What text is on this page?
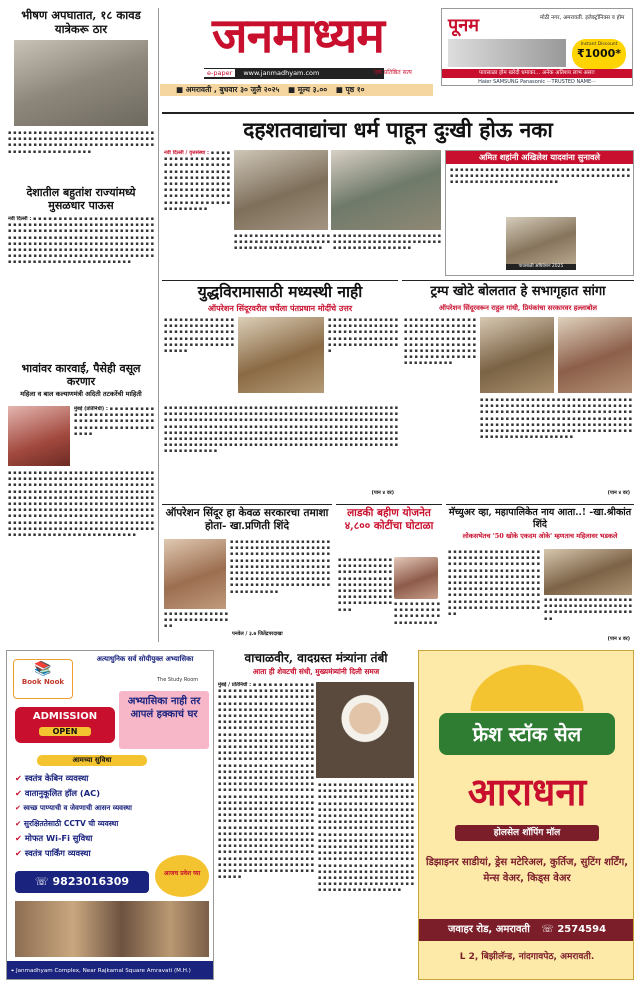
भीषण अपघातात, १८ कावड यात्रेकरू ठार	जनमाध्यम
e-paper www.janmadhyam.com	एक प्रतिष्ठित सत्य
पूनम	मोठी नगर, अमरावती. इलेक्ट्रॉनिक्स व होम
Instant Discount
₹1000*
पावसाळा होम खरेदी धमाका... अनेक अतिशय लाभ असा!
Haier SAMSUNG Panasonic ···TRUSTED NAME···
■ अमरावती , बुधवार ३० जुलै २०२५ ■ मूल्य ३.०० ■ पृष्ठ १०
▪ ▪ ▪ ▪ ▪ ▪ ▪ ▪ ▪ ▪ ▪ ▪ ▪ ▪ ▪ ▪ ▪ ▪ ▪ ▪ ▪ ▪ ▪ ▪ ▪ ▪ ▪ ▪ ▪ ▪ ▪ ▪ ▪ ▪ ▪ ▪ ▪ ▪ ▪ ▪ ▪ ▪ ▪ ▪ ▪ ▪ ▪ ▪ ▪ ▪ ▪ ▪ ▪ ▪ ▪ ▪ ▪ ▪ ▪ ▪ ▪ ▪ ▪ ▪ ▪ ▪ ▪ ▪ ▪ ▪ ▪ ▪ ▪ ▪ ▪ ▪ ▪ ▪ ▪ ▪ ▪ ▪ ▪ ▪ ▪ ▪ ▪ ▪ ▪ ▪ ▪ ▪ ▪ ▪ ▪ ▪ ▪ ▪ ▪ ▪ ▪ ▪ ▪ ▪
देशातील बहुतांश राज्यांमध्ये मुसळधार पाऊस
नवी दिल्ली : ▪ ▪ ▪ ▪ ▪ ▪ ▪ ▪ ▪ ▪ ▪ ▪ ▪ ▪ ▪ ▪ ▪ ▪ ▪ ▪ ▪ ▪ ▪ ▪ ▪ ▪ ▪ ▪ ▪ ▪ ▪ ▪ ▪ ▪ ▪ ▪ ▪ ▪ ▪ ▪ ▪ ▪ ▪ ▪ ▪ ▪ ▪ ▪ ▪ ▪ ▪ ▪ ▪ ▪ ▪ ▪ ▪ ▪ ▪ ▪ ▪ ▪ ▪ ▪ ▪ ▪ ▪ ▪ ▪ ▪ ▪ ▪ ▪ ▪ ▪ ▪ ▪ ▪ ▪ ▪ ▪ ▪ ▪ ▪ ▪ ▪ ▪ ▪ ▪ ▪ ▪ ▪ ▪ ▪ ▪ ▪ ▪ ▪ ▪ ▪ ▪ ▪ ▪ ▪ ▪ ▪ ▪ ▪ ▪ ▪ ▪ ▪ ▪ ▪ ▪ ▪ ▪ ▪ ▪ ▪ ▪ ▪ ▪ ▪ ▪ ▪ ▪ ▪ ▪ ▪ ▪ ▪ ▪ ▪ ▪ ▪ ▪ ▪ ▪ ▪ ▪ ▪ ▪ ▪ ▪ ▪ ▪ ▪ ▪ ▪ ▪ ▪ ▪ ▪ ▪ ▪ ▪ ▪ ▪ ▪ ▪ ▪ ▪ ▪ ▪ ▪ ▪ ▪ ▪ ▪ ▪ ▪ ▪ ▪ ▪ ▪ ▪ ▪ ▪ ▪ ▪ ▪ ▪ ▪ ▪ ▪ ▪ ▪ ▪ ▪ ▪ ▪ ▪ ▪ ▪ ▪ ▪ ▪ ▪ ▪ ▪ ▪ ▪ ▪ ▪ ▪ ▪ ▪ ▪ ▪ ▪ ▪ ▪ ▪ ▪ ▪ ▪ ▪ ▪ ▪ ▪ ▪ ▪
भावांवर कारवाई, पैसेही वसूल करणार
महिला व बाल कल्याणमंत्री अदिती तटकरेंची माहिती
मुंबई (प्रतिनिधी) : ▪ ▪ ▪ ▪ ▪ ▪ ▪ ▪ ▪ ▪ ▪ ▪ ▪ ▪ ▪ ▪ ▪ ▪ ▪ ▪ ▪ ▪ ▪ ▪ ▪ ▪ ▪ ▪ ▪ ▪ ▪ ▪ ▪ ▪ ▪ ▪ ▪ ▪ ▪ ▪ ▪ ▪ ▪ ▪ ▪ ▪ ▪ ▪ ▪ ▪ ▪ ▪ ▪ ▪ ▪ ▪ ▪ ▪ ▪ ▪ ▪
▪ ▪ ▪ ▪ ▪ ▪ ▪ ▪ ▪ ▪ ▪ ▪ ▪ ▪ ▪ ▪ ▪ ▪ ▪ ▪ ▪ ▪ ▪ ▪ ▪ ▪ ▪ ▪ ▪ ▪ ▪ ▪ ▪ ▪ ▪ ▪ ▪ ▪ ▪ ▪ ▪ ▪ ▪ ▪ ▪ ▪ ▪ ▪ ▪ ▪ ▪ ▪ ▪ ▪ ▪ ▪ ▪ ▪ ▪ ▪ ▪ ▪ ▪ ▪ ▪ ▪ ▪ ▪ ▪ ▪ ▪ ▪ ▪ ▪ ▪ ▪ ▪ ▪ ▪ ▪ ▪ ▪ ▪ ▪ ▪ ▪ ▪ ▪ ▪ ▪ ▪ ▪ ▪ ▪ ▪ ▪ ▪ ▪ ▪ ▪ ▪ ▪ ▪ ▪ ▪ ▪ ▪ ▪ ▪ ▪ ▪ ▪ ▪ ▪ ▪ ▪ ▪ ▪ ▪ ▪ ▪ ▪ ▪ ▪ ▪ ▪ ▪ ▪ ▪ ▪ ▪ ▪ ▪ ▪ ▪ ▪ ▪ ▪ ▪ ▪ ▪ ▪ ▪ ▪ ▪ ▪ ▪ ▪ ▪ ▪ ▪ ▪ ▪ ▪ ▪ ▪ ▪ ▪ ▪ ▪ ▪ ▪ ▪ ▪ ▪ ▪ ▪ ▪ ▪ ▪ ▪ ▪ ▪ ▪ ▪ ▪ ▪ ▪ ▪ ▪ ▪ ▪ ▪ ▪ ▪ ▪ ▪ ▪ ▪ ▪ ▪ ▪ ▪ ▪ ▪ ▪ ▪ ▪ ▪ ▪ ▪ ▪ ▪ ▪ ▪ ▪ ▪ ▪ ▪ ▪ ▪ ▪ ▪ ▪ ▪ ▪ ▪ ▪ ▪ ▪ ▪ ▪ ▪ ▪ ▪ ▪ ▪ ▪ ▪ ▪ ▪ ▪ ▪ ▪ ▪ ▪ ▪ ▪ ▪ ▪ ▪ ▪ ▪ ▪ ▪ ▪ ▪ ▪ ▪ ▪ ▪ ▪ ▪ ▪ ▪ ▪ ▪ ▪ ▪ ▪ ▪ ▪ ▪ ▪ ▪ ▪ ▪ ▪ ▪ ▪ ▪ ▪ ▪ ▪ ▪ ▪ ▪ ▪ ▪ ▪ ▪ ▪ ▪ ▪ ▪ ▪ ▪ ▪ ▪ ▪ ▪ ▪ ▪ ▪ ▪ ▪ ▪ ▪ ▪ ▪ ▪ ▪ ▪ ▪ ▪ ▪ ▪ ▪ ▪ ▪ ▪ ▪ ▪ ▪ ▪ ▪
दहशतवाद्यांचा धर्म पाहून दुःखी होऊ नका
नवी दिल्ली / वृत्तसंस्था : ▪ ▪ ▪ ▪ ▪ ▪ ▪ ▪ ▪ ▪ ▪ ▪ ▪ ▪ ▪ ▪ ▪ ▪ ▪ ▪ ▪ ▪ ▪ ▪ ▪ ▪ ▪ ▪ ▪ ▪ ▪ ▪ ▪ ▪ ▪ ▪ ▪ ▪ ▪ ▪ ▪ ▪ ▪ ▪ ▪ ▪ ▪ ▪ ▪ ▪ ▪ ▪ ▪ ▪ ▪ ▪ ▪ ▪ ▪ ▪ ▪ ▪ ▪ ▪ ▪ ▪ ▪ ▪ ▪ ▪ ▪ ▪ ▪ ▪ ▪ ▪ ▪ ▪ ▪ ▪ ▪ ▪ ▪ ▪ ▪ ▪ ▪ ▪ ▪ ▪ ▪ ▪ ▪ ▪ ▪ ▪ ▪ ▪ ▪ ▪ ▪ ▪ ▪ ▪ ▪ ▪ ▪ ▪ ▪ ▪ ▪ ▪ ▪ ▪ ▪ ▪ ▪
▪ ▪ ▪ ▪ ▪ ▪ ▪ ▪ ▪ ▪ ▪ ▪ ▪ ▪ ▪ ▪ ▪ ▪ ▪ ▪ ▪ ▪ ▪ ▪ ▪ ▪ ▪ ▪ ▪ ▪ ▪ ▪ ▪ ▪ ▪ ▪ ▪ ▪ ▪ ▪ ▪ ▪ ▪ ▪ ▪ ▪ ▪ ▪ ▪ ▪ ▪ ▪ ▪ ▪ ▪ ▪
▪ ▪ ▪ ▪ ▪ ▪ ▪ ▪ ▪ ▪ ▪ ▪ ▪ ▪ ▪ ▪ ▪ ▪ ▪ ▪ ▪ ▪ ▪ ▪ ▪ ▪ ▪ ▪ ▪ ▪ ▪ ▪ ▪ ▪ ▪ ▪ ▪ ▪ ▪ ▪ ▪ ▪ ▪ ▪ ▪ ▪ ▪ ▪ ▪ ▪ ▪ ▪ ▪ ▪ ▪ ▪ ▪ ▪ ▪ ▪
अमित शहांनी अखिलेश यादवांना सुनावले
▪ ▪ ▪ ▪ ▪ ▪ ▪ ▪ ▪ ▪ ▪ ▪ ▪ ▪ ▪ ▪ ▪ ▪ ▪ ▪ ▪ ▪ ▪ ▪ ▪ ▪ ▪ ▪ ▪ ▪ ▪ ▪ ▪ ▪ ▪ ▪ ▪ ▪ ▪ ▪ ▪ ▪ ▪ ▪ ▪ ▪ ▪ ▪ ▪ ▪ ▪ ▪ ▪ ▪ ▪ ▪ ▪ ▪ ▪ ▪ ▪ ▪ ▪ ▪ ▪ ▪ ▪ ▪ ▪ ▪ ▪ ▪ ▪ ▪ ▪ ▪ ▪ ▪ ▪ ▪ ▪ ▪ ▪ ▪ ▪ ▪ ▪ ▪ ▪ ▪ ▪ ▪ ▪ ▪
पावसाळी अधिवेशन 2025
युद्धविरामासाठी मध्यस्थी नाही
ऑपरेशन सिंदूरवरील चर्चेला पंतप्रधान मोदींचे उत्तर
▪ ▪ ▪ ▪ ▪ ▪ ▪ ▪ ▪ ▪ ▪ ▪ ▪ ▪ ▪ ▪ ▪ ▪ ▪ ▪ ▪ ▪ ▪ ▪ ▪ ▪ ▪ ▪ ▪ ▪ ▪ ▪ ▪ ▪ ▪ ▪ ▪ ▪ ▪ ▪ ▪ ▪ ▪ ▪ ▪ ▪ ▪ ▪ ▪ ▪ ▪ ▪ ▪ ▪ ▪ ▪ ▪ ▪ ▪ ▪ ▪ ▪ ▪ ▪ ▪ ▪ ▪ ▪ ▪ ▪ ▪ ▪ ▪ ▪ ▪
▪ ▪ ▪ ▪ ▪ ▪ ▪ ▪ ▪ ▪ ▪ ▪ ▪ ▪ ▪ ▪ ▪ ▪ ▪ ▪ ▪ ▪ ▪ ▪ ▪ ▪ ▪ ▪ ▪ ▪ ▪ ▪ ▪ ▪ ▪ ▪ ▪ ▪ ▪ ▪ ▪ ▪ ▪ ▪ ▪ ▪ ▪ ▪ ▪ ▪ ▪ ▪ ▪ ▪ ▪ ▪ ▪ ▪ ▪ ▪ ▪ ▪ ▪ ▪ ▪ ▪ ▪ ▪ ▪ ▪ ▪
▪ ▪ ▪ ▪ ▪ ▪ ▪ ▪ ▪ ▪ ▪ ▪ ▪ ▪ ▪ ▪ ▪ ▪ ▪ ▪ ▪ ▪ ▪ ▪ ▪ ▪ ▪ ▪ ▪ ▪ ▪ ▪ ▪ ▪ ▪ ▪ ▪ ▪ ▪ ▪ ▪ ▪ ▪ ▪ ▪ ▪ ▪ ▪ ▪ ▪ ▪ ▪ ▪ ▪ ▪ ▪ ▪ ▪ ▪ ▪ ▪ ▪ ▪ ▪ ▪ ▪ ▪ ▪ ▪ ▪ ▪ ▪ ▪ ▪ ▪ ▪ ▪ ▪ ▪ ▪ ▪ ▪ ▪ ▪ ▪ ▪ ▪ ▪ ▪ ▪ ▪ ▪ ▪ ▪ ▪ ▪ ▪ ▪ ▪ ▪ ▪ ▪ ▪ ▪ ▪ ▪ ▪ ▪ ▪ ▪ ▪ ▪ ▪ ▪ ▪ ▪ ▪ ▪ ▪ ▪ ▪ ▪ ▪ ▪ ▪ ▪ ▪ ▪ ▪ ▪ ▪ ▪ ▪ ▪ ▪ ▪ ▪ ▪ ▪ ▪ ▪ ▪ ▪ ▪ ▪ ▪ ▪ ▪ ▪ ▪ ▪ ▪ ▪ ▪ ▪ ▪ ▪ ▪ ▪ ▪ ▪ ▪ ▪ ▪ ▪ ▪ ▪ ▪ ▪ ▪ ▪ ▪ ▪ ▪ ▪ ▪ ▪ ▪ ▪ ▪ ▪ ▪ ▪ ▪ ▪ ▪ ▪ ▪ ▪ ▪ ▪ ▪ ▪ ▪ ▪ ▪ ▪ ▪ ▪ ▪ ▪ ▪ ▪ ▪ ▪ ▪ ▪ ▪ ▪ ▪ ▪ ▪ ▪ ▪ ▪ ▪ ▪ ▪ ▪ ▪ ▪ ▪ ▪ ▪ ▪ ▪ ▪ ▪ ▪ ▪ ▪ ▪ ▪ ▪ ▪ ▪ ▪ ▪ ▪ ▪ ▪ ▪ ▪ ▪ ▪ ▪ ▪ ▪ ▪ ▪ ▪ ▪ ▪ ▪ ▪ ▪ ▪ ▪ ▪ ▪ ▪ ▪ ▪ ▪ ▪ ▪ ▪ ▪ ▪ ▪ ▪ ▪ ▪ ▪ ▪ ▪ ▪ ▪ ▪ ▪ ▪ ▪ ▪ ▪ ▪ ▪ ▪ ▪ ▪ ▪ ▪ ▪ ▪ ▪ ▪ ▪ ▪ ▪ ▪ ▪ ▪ ▪ ▪ ▪ ▪ ▪ ▪ ▪ ▪ ▪ ▪ ▪ ▪ ▪ ▪ ▪ ▪ ▪ ▪ ▪ ▪ ▪ ▪ ▪ ▪ ▪ ▪ ▪ ▪ ▪ ▪ ▪ ▪ ▪ ▪ ▪ ▪ ▪ ▪ ▪
(पान ४ वर)
ट्रम्प खोटे बोलतात हे सभागृहात सांगा
ऑपरेशन सिंदूरवरून राहुल गांधी, प्रियंकांचा सरकारवर हल्लाबोल
▪ ▪ ▪ ▪ ▪ ▪ ▪ ▪ ▪ ▪ ▪ ▪ ▪ ▪ ▪ ▪ ▪ ▪ ▪ ▪ ▪ ▪ ▪ ▪ ▪ ▪ ▪ ▪ ▪ ▪ ▪ ▪ ▪ ▪ ▪ ▪ ▪ ▪ ▪ ▪ ▪ ▪ ▪ ▪ ▪ ▪ ▪ ▪ ▪ ▪ ▪ ▪ ▪ ▪ ▪ ▪ ▪ ▪ ▪ ▪ ▪ ▪ ▪ ▪ ▪ ▪ ▪ ▪ ▪ ▪ ▪ ▪ ▪ ▪ ▪ ▪ ▪ ▪ ▪ ▪ ▪ ▪ ▪ ▪ ▪ ▪ ▪ ▪ ▪ ▪ ▪ ▪ ▪ ▪ ▪ ▪ ▪ ▪ ▪ ▪ ▪ ▪ ▪ ▪ ▪ ▪ ▪ ▪
▪ ▪ ▪ ▪ ▪ ▪ ▪ ▪ ▪ ▪ ▪ ▪ ▪ ▪ ▪ ▪ ▪ ▪ ▪ ▪ ▪ ▪ ▪ ▪ ▪ ▪ ▪ ▪ ▪ ▪ ▪ ▪ ▪ ▪ ▪ ▪ ▪ ▪ ▪ ▪ ▪ ▪ ▪ ▪ ▪ ▪ ▪ ▪ ▪ ▪ ▪ ▪ ▪ ▪ ▪ ▪ ▪ ▪ ▪ ▪ ▪ ▪ ▪ ▪ ▪ ▪ ▪ ▪ ▪ ▪ ▪ ▪ ▪ ▪ ▪ ▪ ▪ ▪ ▪ ▪ ▪ ▪ ▪ ▪ ▪ ▪ ▪ ▪ ▪ ▪ ▪ ▪ ▪ ▪ ▪ ▪ ▪ ▪ ▪ ▪ ▪ ▪ ▪ ▪ ▪ ▪ ▪ ▪ ▪ ▪ ▪ ▪ ▪ ▪ ▪ ▪ ▪ ▪ ▪ ▪ ▪ ▪ ▪ ▪ ▪ ▪ ▪ ▪ ▪ ▪ ▪ ▪ ▪ ▪ ▪ ▪ ▪ ▪ ▪ ▪ ▪ ▪ ▪ ▪ ▪ ▪ ▪ ▪ ▪ ▪ ▪ ▪ ▪ ▪ ▪ ▪ ▪ ▪ ▪ ▪ ▪ ▪ ▪ ▪ ▪ ▪ ▪ ▪ ▪ ▪ ▪ ▪ ▪ ▪ ▪ ▪ ▪ ▪ ▪ ▪ ▪ ▪ ▪ ▪ ▪ ▪ ▪ ▪ ▪ ▪ ▪ ▪ ▪ ▪ ▪ ▪ ▪ ▪ ▪
(पान ४ वर)
ऑपरेशन सिंदूर हा केवळ सरकारचा तमाशा होता- खा.प्रणिती शिंदे
▪ ▪ ▪ ▪ ▪ ▪ ▪ ▪ ▪ ▪ ▪ ▪ ▪ ▪ ▪ ▪ ▪ ▪ ▪ ▪ ▪ ▪ ▪ ▪ ▪ ▪ ▪ ▪ ▪ ▪ ▪ ▪ ▪ ▪ ▪ ▪ ▪ ▪ ▪ ▪ ▪ ▪ ▪ ▪ ▪ ▪ ▪ ▪ ▪ ▪ ▪ ▪ ▪ ▪ ▪ ▪ ▪ ▪ ▪ ▪ ▪ ▪ ▪ ▪ ▪ ▪ ▪ ▪ ▪ ▪ ▪ ▪ ▪ ▪ ▪ ▪ ▪ ▪ ▪ ▪ ▪ ▪ ▪ ▪ ▪ ▪ ▪ ▪ ▪ ▪ ▪ ▪ ▪ ▪ ▪ ▪ ▪ ▪ ▪ ▪ ▪ ▪ ▪ ▪ ▪ ▪ ▪ ▪ ▪ ▪ ▪ ▪ ▪ ▪ ▪ ▪ ▪ ▪ ▪ ▪ ▪ ▪ ▪ ▪ ▪ ▪ ▪ ▪ ▪ ▪ ▪ ▪ ▪ ▪ ▪ ▪ ▪ ▪ ▪ ▪ ▪ ▪ ▪ ▪ ▪ ▪ ▪ ▪ ▪ ▪ ▪ ▪ ▪ ▪ ▪ ▪ ▪ ▪ ▪ ▪ ▪ ▪ ▪ ▪ ▪ ▪ ▪ ▪ ▪ ▪
▪ ▪ ▪ ▪ ▪ ▪ ▪ ▪ ▪ ▪ ▪ ▪ ▪ ▪ ▪ ▪ ▪ ▪ ▪ ▪ ▪ ▪ ▪ ▪ ▪ ▪ ▪ ▪
पनवेल / ३.७ जितेंद्रपरदाखा
लाडकी बहीण योजनेत ४,८०० कोटींचा घोटाळा
▪ ▪ ▪ ▪ ▪ ▪ ▪ ▪ ▪ ▪ ▪ ▪ ▪ ▪ ▪ ▪ ▪ ▪ ▪ ▪ ▪ ▪ ▪ ▪ ▪ ▪ ▪ ▪ ▪ ▪ ▪ ▪ ▪ ▪ ▪ ▪ ▪ ▪ ▪ ▪ ▪ ▪ ▪ ▪ ▪ ▪ ▪ ▪ ▪ ▪ ▪ ▪ ▪ ▪ ▪ ▪ ▪ ▪ ▪ ▪ ▪ ▪ ▪ ▪ ▪ ▪ ▪ ▪ ▪ ▪ ▪ ▪ ▪ ▪ ▪ ▪ ▪ ▪ ▪ ▪ ▪ ▪ ▪ ▪ ▪ ▪ ▪ ▪ ▪ ▪ ▪
▪ ▪ ▪ ▪ ▪ ▪ ▪ ▪ ▪ ▪ ▪ ▪ ▪ ▪ ▪ ▪ ▪ ▪ ▪ ▪ ▪ ▪ ▪ ▪ ▪ ▪ ▪ ▪ ▪ ▪ ▪ ▪ ▪ ▪ ▪ ▪
मॅच्युअर व्हा, महापालिकेत नाय आता..! -खा.श्रीकांत शिंदे
लोकसभेतच '50 खोके एकदम ओके' म्हणताच महिलावर भडकले
▪ ▪ ▪ ▪ ▪ ▪ ▪ ▪ ▪ ▪ ▪ ▪ ▪ ▪ ▪ ▪ ▪ ▪ ▪ ▪ ▪ ▪ ▪ ▪ ▪ ▪ ▪ ▪ ▪ ▪ ▪ ▪ ▪ ▪ ▪ ▪ ▪ ▪ ▪ ▪ ▪ ▪ ▪ ▪ ▪ ▪ ▪ ▪ ▪ ▪ ▪ ▪ ▪ ▪ ▪ ▪ ▪ ▪ ▪ ▪ ▪ ▪ ▪ ▪ ▪ ▪ ▪ ▪ ▪ ▪ ▪ ▪ ▪ ▪ ▪ ▪ ▪ ▪ ▪ ▪ ▪ ▪ ▪ ▪ ▪ ▪ ▪ ▪ ▪ ▪ ▪ ▪ ▪ ▪ ▪ ▪ ▪ ▪ ▪ ▪ ▪ ▪ ▪ ▪ ▪ ▪ ▪ ▪ ▪ ▪ ▪ ▪ ▪ ▪ ▪ ▪ ▪ ▪ ▪ ▪ ▪ ▪ ▪ ▪ ▪ ▪ ▪ ▪ ▪ ▪ ▪ ▪ ▪ ▪ ▪ ▪ ▪ ▪ ▪ ▪ ▪ ▪ ▪ ▪ ▪ ▪ ▪ ▪ ▪ ▪ ▪ ▪ ▪ ▪ ▪ ▪ ▪ ▪ ▪ ▪ ▪ ▪ ▪ ▪ ▪ ▪ ▪ ▪ ▪ ▪ ▪ ▪ ▪ ▪ ▪ ▪ ▪ ▪ ▪ ▪ ▪ ▪
▪ ▪ ▪ ▪ ▪ ▪ ▪ ▪ ▪ ▪ ▪ ▪ ▪ ▪ ▪ ▪ ▪ ▪ ▪ ▪ ▪ ▪ ▪ ▪ ▪ ▪ ▪ ▪ ▪ ▪ ▪ ▪ ▪ ▪ ▪ ▪ ▪ ▪ ▪ ▪ ▪ ▪ ▪ ▪ ▪ ▪ ▪ ▪ ▪ ▪ ▪ ▪ ▪ ▪ ▪ ▪
(पान ४ वर)
अत्याधुनिक सर्व सोयीयुक्त अभ्यासिका
📚
Book Nook	The Study Room
ADMISSION
OPEN
अभ्यासिका नाही तर आपलं हक्काचं घर
आमच्या सुविधा
✔ स्वतंत्र केबिन व्यवस्था
✔ वातानुकूलित हॉल (AC)
✔ स्वच्छ पाण्याची व जेवणाची आसन व्यवस्था
✔ सुरक्षिततेसाठी CCTV ची व्यवस्था
✔ मोफत Wi-Fi सुविधा
✔ स्वतंत्र पार्किंग व्यवस्था
☏ 9823016309
आजच प्रवेश घ्या
⌖ Janmadhyam Complex, Near Rajkamal Square Amravati (M.H.)
वाचाळवीर, वादग्रस्त मंत्र्यांना तंबी
आता ही शेवटची संधी, मुख्यमंत्र्यांनी दिली समज
मुंबई / प्रतिनिधी : ▪ ▪ ▪ ▪ ▪ ▪ ▪ ▪ ▪ ▪ ▪ ▪ ▪ ▪ ▪ ▪ ▪ ▪ ▪ ▪ ▪ ▪ ▪ ▪ ▪ ▪ ▪ ▪ ▪ ▪ ▪ ▪ ▪ ▪ ▪ ▪ ▪ ▪ ▪ ▪ ▪ ▪ ▪ ▪ ▪ ▪ ▪ ▪ ▪ ▪ ▪ ▪ ▪ ▪ ▪ ▪ ▪ ▪ ▪ ▪ ▪ ▪ ▪ ▪ ▪ ▪ ▪ ▪ ▪ ▪ ▪ ▪ ▪ ▪ ▪ ▪ ▪ ▪ ▪ ▪ ▪ ▪ ▪ ▪ ▪ ▪ ▪ ▪ ▪ ▪ ▪ ▪ ▪ ▪ ▪ ▪ ▪ ▪ ▪ ▪ ▪ ▪ ▪ ▪ ▪ ▪ ▪ ▪ ▪ ▪ ▪ ▪ ▪ ▪ ▪ ▪ ▪ ▪ ▪ ▪ ▪ ▪ ▪ ▪ ▪ ▪ ▪ ▪ ▪ ▪ ▪ ▪ ▪ ▪ ▪ ▪ ▪ ▪ ▪ ▪ ▪ ▪ ▪ ▪ ▪ ▪ ▪ ▪ ▪ ▪ ▪ ▪ ▪ ▪ ▪ ▪ ▪ ▪ ▪ ▪ ▪ ▪ ▪ ▪ ▪ ▪ ▪ ▪ ▪ ▪ ▪ ▪ ▪ ▪ ▪ ▪ ▪ ▪ ▪ ▪ ▪ ▪ ▪ ▪ ▪ ▪ ▪ ▪ ▪ ▪ ▪ ▪ ▪ ▪ ▪ ▪ ▪ ▪ ▪ ▪ ▪ ▪ ▪ ▪ ▪ ▪ ▪ ▪ ▪ ▪ ▪ ▪ ▪ ▪ ▪ ▪ ▪ ▪ ▪ ▪ ▪ ▪ ▪ ▪ ▪ ▪ ▪ ▪ ▪ ▪ ▪ ▪ ▪ ▪ ▪ ▪ ▪ ▪ ▪ ▪ ▪ ▪ ▪ ▪ ▪ ▪ ▪ ▪ ▪ ▪ ▪ ▪ ▪ ▪ ▪ ▪ ▪ ▪ ▪ ▪ ▪ ▪ ▪ ▪ ▪ ▪ ▪ ▪ ▪ ▪ ▪ ▪ ▪ ▪ ▪ ▪ ▪ ▪ ▪ ▪ ▪ ▪ ▪ ▪ ▪ ▪ ▪ ▪ ▪ ▪ ▪ ▪ ▪ ▪ ▪ ▪ ▪ ▪ ▪ ▪ ▪ ▪ ▪ ▪ ▪ ▪ ▪ ▪ ▪ ▪ ▪ ▪ ▪ ▪ ▪ ▪ ▪ ▪ ▪ ▪ ▪ ▪ ▪ ▪ ▪ ▪ ▪ ▪ ▪ ▪ ▪ ▪ ▪ ▪ ▪ ▪ ▪ ▪ ▪ ▪ ▪ ▪ ▪ ▪ ▪ ▪ ▪ ▪ ▪ ▪ ▪ ▪ ▪ ▪ ▪ ▪ ▪ ▪ ▪ ▪ ▪ ▪ ▪ ▪ ▪ ▪ ▪ ▪ ▪ ▪ ▪ ▪ ▪ ▪ ▪ ▪ ▪ ▪ ▪ ▪ ▪ ▪ ▪ ▪ ▪ ▪ ▪ ▪ ▪ ▪ ▪ ▪ ▪ ▪ ▪ ▪ ▪ ▪ ▪ ▪ ▪ ▪ ▪ ▪ ▪ ▪ ▪ ▪ ▪ ▪ ▪ ▪ ▪ ▪ ▪ ▪ ▪ ▪ ▪ ▪ ▪ ▪ ▪ ▪ ▪ ▪ ▪ ▪ ▪ ▪ ▪ ▪ ▪ ▪ ▪ ▪ ▪ ▪ ▪ ▪ ▪ ▪ ▪ ▪ ▪ ▪ ▪ ▪ ▪ ▪ ▪ ▪ ▪ ▪ ▪ ▪ ▪ ▪ ▪ ▪ ▪ ▪ ▪ ▪ ▪ ▪ ▪ ▪ ▪ ▪ ▪ ▪ ▪ ▪ ▪ ▪ ▪ ▪ ▪ ▪ ▪ ▪ ▪ ▪ ▪ ▪ ▪ ▪ ▪ ▪ ▪ ▪ ▪ ▪ ▪ ▪ ▪ ▪ ▪ ▪ ▪ ▪ ▪ ▪ ▪ ▪ ▪ ▪ ▪ ▪ ▪ ▪ ▪ ▪ ▪ ▪ ▪ ▪ ▪ ▪ ▪ ▪ ▪ ▪ ▪ ▪ ▪ ▪ ▪ ▪ ▪ ▪ ▪ ▪ ▪ ▪ ▪ ▪ ▪ ▪ ▪ ▪ ▪ ▪ ▪ ▪ ▪ ▪ ▪ ▪ ▪ ▪ ▪ ▪ ▪ ▪ ▪ ▪ ▪ ▪ ▪ ▪ ▪ ▪ ▪ ▪ ▪ ▪ ▪ ▪ ▪ ▪ ▪ ▪ ▪ ▪ ▪ ▪ ▪ ▪ ▪ ▪ ▪ ▪ ▪ ▪ ▪
▪ ▪ ▪ ▪ ▪ ▪ ▪ ▪ ▪ ▪ ▪ ▪ ▪ ▪ ▪ ▪ ▪ ▪ ▪ ▪ ▪ ▪ ▪ ▪ ▪ ▪ ▪ ▪ ▪ ▪ ▪ ▪ ▪ ▪ ▪ ▪ ▪ ▪ ▪ ▪ ▪ ▪ ▪ ▪ ▪ ▪ ▪ ▪ ▪ ▪ ▪ ▪ ▪ ▪ ▪ ▪ ▪ ▪ ▪ ▪ ▪ ▪ ▪ ▪ ▪ ▪ ▪ ▪ ▪ ▪ ▪ ▪ ▪ ▪ ▪ ▪ ▪ ▪ ▪ ▪ ▪ ▪ ▪ ▪ ▪ ▪ ▪ ▪ ▪ ▪ ▪ ▪ ▪ ▪ ▪ ▪ ▪ ▪ ▪ ▪ ▪ ▪ ▪ ▪ ▪ ▪ ▪ ▪ ▪ ▪ ▪ ▪ ▪ ▪ ▪ ▪ ▪ ▪ ▪ ▪ ▪ ▪ ▪ ▪ ▪ ▪ ▪ ▪ ▪ ▪ ▪ ▪ ▪ ▪ ▪ ▪ ▪ ▪ ▪ ▪ ▪ ▪ ▪ ▪ ▪ ▪ ▪ ▪ ▪ ▪ ▪ ▪ ▪ ▪ ▪ ▪ ▪ ▪ ▪ ▪ ▪ ▪ ▪ ▪ ▪ ▪ ▪ ▪ ▪ ▪ ▪ ▪ ▪ ▪ ▪ ▪ ▪ ▪ ▪ ▪ ▪ ▪ ▪ ▪ ▪ ▪ ▪ ▪ ▪ ▪ ▪ ▪ ▪ ▪ ▪ ▪ ▪ ▪ ▪ ▪ ▪ ▪ ▪ ▪ ▪ ▪ ▪ ▪ ▪ ▪ ▪ ▪ ▪ ▪ ▪ ▪ ▪ ▪ ▪ ▪ ▪ ▪ ▪ ▪ ▪ ▪ ▪ ▪ ▪ ▪ ▪ ▪ ▪ ▪ ▪ ▪ ▪ ▪ ▪ ▪ ▪ ▪ ▪ ▪ ▪ ▪ ▪ ▪ ▪ ▪ ▪ ▪ ▪ ▪ ▪ ▪ ▪ ▪ ▪ ▪ ▪ ▪ ▪ ▪ ▪ ▪ ▪ ▪ ▪ ▪ ▪ ▪ ▪ ▪ ▪ ▪ ▪ ▪ ▪ ▪ ▪ ▪ ▪ ▪ ▪ ▪ ▪ ▪ ▪ ▪ ▪ ▪ ▪ ▪ ▪ ▪ ▪ ▪ ▪ ▪ ▪ ▪ ▪ ▪ ▪ ▪ ▪ ▪ ▪ ▪ ▪ ▪ ▪ ▪ ▪ ▪ ▪ ▪ ▪ ▪ ▪ ▪ ▪ ▪ ▪ ▪ ▪ ▪ ▪ ▪ ▪ ▪ ▪ ▪ ▪ ▪ ▪ ▪ ▪ ▪
फ्रेश स्टॉक सेल
आराधना
होलसेल शॉपिंग मॉल
डिझाइनर साडीयां, ड्रेस मटेरिअल, कुर्तिज, सुटिंग शर्टिंग, मेन्स वेअर, किड्स वेअर
जवाहर रोड, अमरावती ☏ 2574594
L 2, बिझीलॅन्ड, नांदगावपेठ, अमरावती.
